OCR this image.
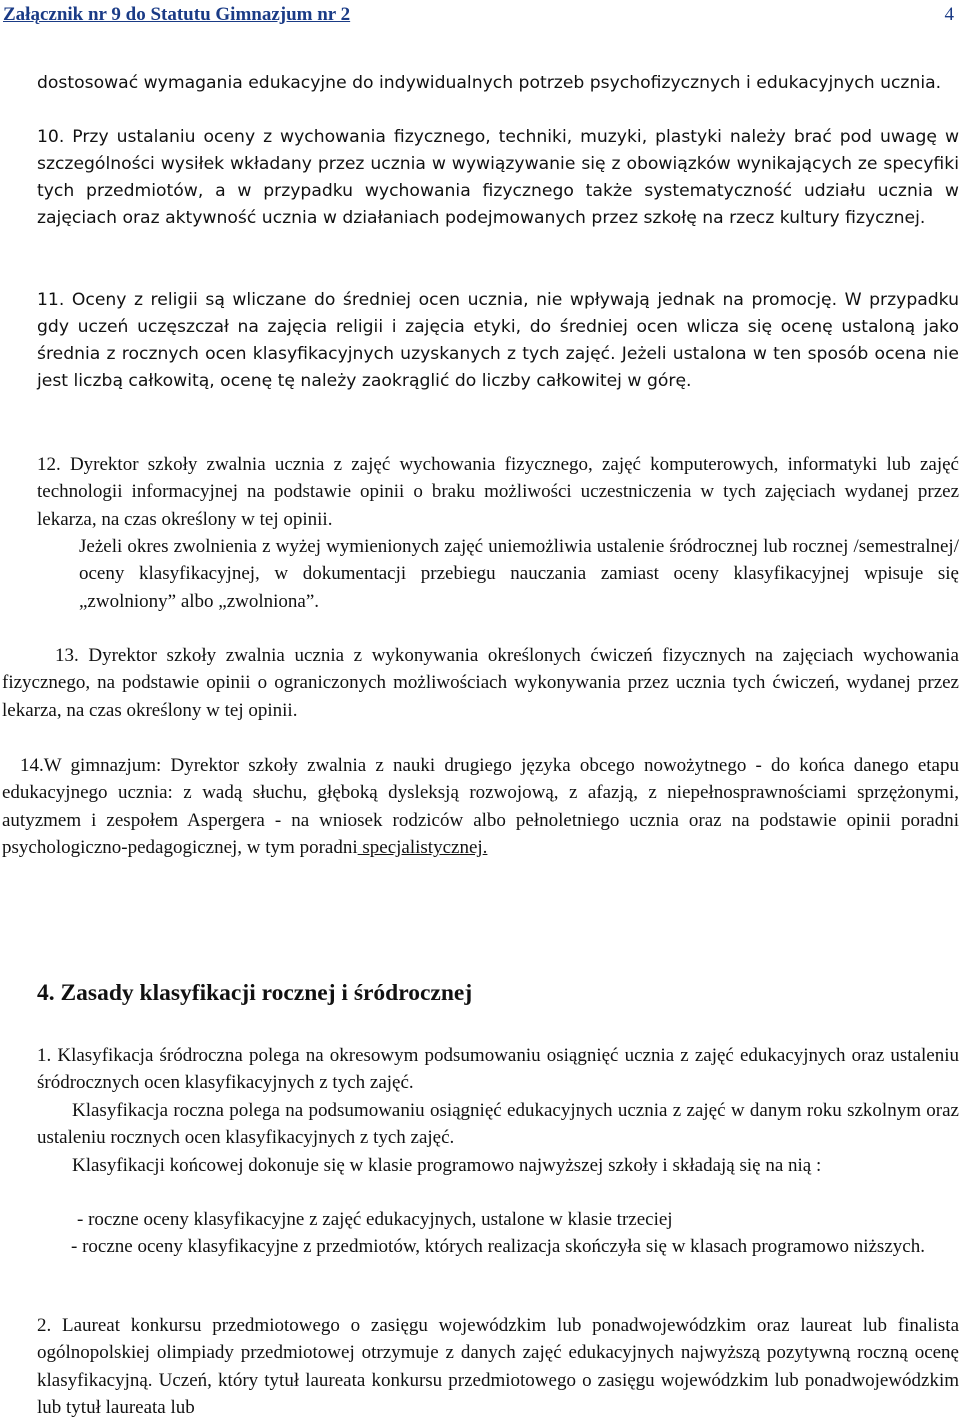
Załącznik nr 9 do Statutu Gimnazjum nr 2	4

dostosować wymagania edukacyjne do indywidualnych potrzeb psychofizycznych i edukacyjnych ucznia.

10. Przy ustalaniu oceny z wychowania fizycznego, techniki, muzyki, plastyki należy brać pod uwagę w szczególności wysiłek wkładany przez ucznia w wywiązywanie się z obowiązków wynikających ze specyfiki tych przedmiotów, a w przypadku wychowania fizycznego także systematyczność udziału ucznia w zajęciach oraz aktywność ucznia w działaniach podejmowanych przez szkołę na rzecz kultury fizycznej.

11. Oceny z religii są wliczane do średniej ocen ucznia, nie wpływają jednak na promocję. W przypadku gdy uczeń uczęszczał na zajęcia religii i zajęcia etyki, do średniej ocen wlicza się ocenę ustaloną jako średnia z rocznych ocen klasyfikacyjnych uzyskanych z tych zajęć. Jeżeli ustalona w ten sposób ocena nie jest liczbą całkowitą, ocenę tę należy zaokrąglić do liczby całkowitej w górę.

12. Dyrektor szkoły zwalnia ucznia z zajęć wychowania fizycznego, zajęć komputerowych, informatyki lub zajęć technologii informacyjnej na podstawie opinii o braku możliwości uczestniczenia w tych zajęciach wydanej przez lekarza, na czas określony w tej opinii.

Jeżeli okres zwolnienia z wyżej wymienionych zajęć uniemożliwia ustalenie śródrocznej lub rocznej /semestralnej/ oceny klasyfikacyjnej, w dokumentacji przebiegu nauczania zamiast oceny klasyfikacyjnej wpisuje się „zwolniony” albo „zwolniona”.

13. Dyrektor szkoły zwalnia ucznia z wykonywania określonych ćwiczeń fizycznych na zajęciach wychowania fizycznego, na podstawie opinii o ograniczonych możliwościach wykonywania przez ucznia tych ćwiczeń, wydanej przez lekarza, na czas określony w tej opinii.

14.W gimnazjum: Dyrektor szkoły zwalnia z nauki drugiego języka obcego nowożytnego - do końca danego etapu edukacyjnego ucznia: z wadą słuchu, głęboką dysleksją rozwojową, z afazją, z niepełnosprawnościami sprzężonymi, autyzmem i zespołem Aspergera - na wniosek rodziców albo pełnoletniego ucznia oraz na podstawie opinii poradni psychologiczno-pedagogicznej, w tym poradni specjalistycznej.

4. Zasady klasyfikacji rocznej i śródrocznej

1. Klasyfikacja śródroczna polega na okresowym podsumowaniu osiągnięć ucznia z zajęć edukacyjnych oraz ustaleniu śródrocznych ocen klasyfikacyjnych z tych zajęć.

Klasyfikacja roczna polega na podsumowaniu osiągnięć edukacyjnych ucznia z zajęć w danym roku szkolnym oraz ustaleniu rocznych ocen klasyfikacyjnych z tych zajęć.

Klasyfikacji końcowej dokonuje się w klasie programowo najwyższej szkoły i składają się na nią :

- roczne oceny klasyfikacyjne z zajęć edukacyjnych, ustalone w klasie trzeciej

- roczne oceny klasyfikacyjne z przedmiotów, których realizacja skończyła się w klasach programowo niższych.

2. Laureat konkursu przedmiotowego o zasięgu wojewódzkim lub ponadwojewódzkim oraz laureat lub finalista ogólnopolskiej olimpiady przedmiotowej otrzymuje z danych zajęć edukacyjnych najwyższą pozytywną roczną ocenę klasyfikacyjną. Uczeń, który tytuł laureata konkursu przedmiotowego o zasięgu wojewódzkim lub ponadwojewódzkim lub tytuł laureata lub
